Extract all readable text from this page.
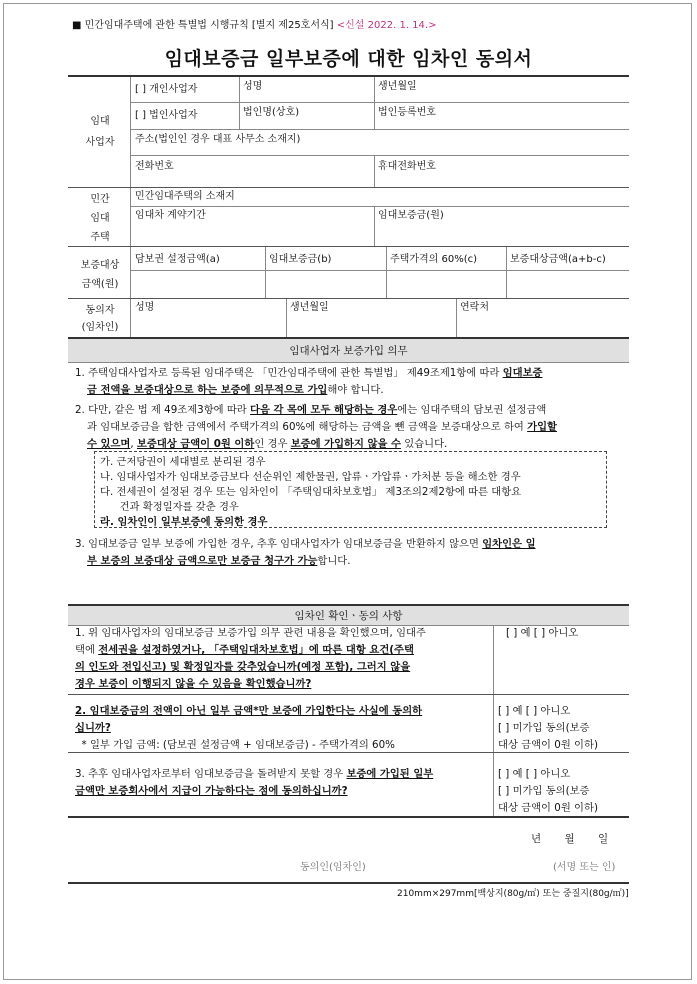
■ 민간임대주택에 관한 특별법 시행규칙 [별지 제25호서식] <신설 2022. 1. 14.>
임대보증금 일부보증에 대한 임차인 동의서
임대
사업자
[ ] 개인사업자	성명	생년월일
[ ] 법인사업자	법인명(상호)	법인등록번호
주소(법인인 경우 대표 사무소 소재지)
전화번호	휴대전화번호
민간
임대
주택
민간임대주택의 소재지
임대차 계약기간	임대보증금(원)
보증대상
금액(원)
담보권 설정금액(a)	임대보증금(b)	주택가격의 60%(c)	보증대상금액(a+b-c)
동의자
(임차인)
성명	생년월일	연락처
임대사업자 보증가입 의무
1. 주택임대사업자로 등록된 임대주택은 「민간임대주택에 관한 특별법」 제49조제1항에 따라 임대보증
금 전액을 보증대상으로 하는 보증에 의무적으로 가입해야 합니다.
2. 다만, 같은 법 제 49조제3항에 따라 다음 각 목에 모두 해당하는 경우에는 임대주택의 담보권 설정금액
과 임대보증금을 합한 금액에서 주택가격의 60%에 해당하는 금액을 뺀 금액을 보증대상으로 하여 가입할
수 있으며, 보증대상 금액이 0원 이하인 경우 보증에 가입하지 않을 수 있습니다.
가. 근저당권이 세대별로 분리된 경우
나. 임대사업자가 임대보증금보다 선순위인 제한물권, 압류ㆍ가압류ㆍ가처분 등을 해소한 경우
다. 전세권이 설정된 경우 또는 임차인이 「주택임대차보호법」 제3조의2제2항에 따른 대항요
건과 확정일자를 갖춘 경우
라. 임차인이 일부보증에 동의한 경우
3. 임대보증금 일부 보증에 가입한 경우, 추후 임대사업자가 임대보증금을 반환하지 않으면 임차인은 일
부 보증의 보증대상 금액으로만 보증금 청구가 가능합니다.
임차인 확인ㆍ동의 사항
1. 위 임대사업자의 임대보증금 보증가입 의무 관련 내용을 확인했으며, 임대주
택에 전세권을 설정하였거나, 「주택임대차보호법」에 따른 대항 요건(주택
의 인도와 전입신고) 및 확정일자를 갖추었습니까(예정 포함), 그러지 않을
경우 보증이 이행되지 않을 수 있음을 확인했습니까?
[ ] 예 [ ] 아니오
2. 임대보증금의 전액이 아닌 일부 금액*만 보증에 가입한다는 사실에 동의하
십니까?
* 일부 가입 금액: (담보권 설정금액 + 임대보증금) - 주택가격의 60%
[ ] 예 [ ] 아니오
[ ] 미가입 동의(보증
대상 금액이 0원 이하)
3. 추후 임대사업자로부터 임대보증금을 돌려받지 못할 경우 보증에 가입된 일부
금액만 보증회사에서 지급이 가능하다는 점에 동의하십니까?
[ ] 예 [ ] 아니오
[ ] 미가입 동의(보증
대상 금액이 0원 이하)
년       월       일
동의인(임차인)	(서명 또는 인)
210mm×297mm[백상지(80g/㎡) 또는 중질지(80g/㎡)]
